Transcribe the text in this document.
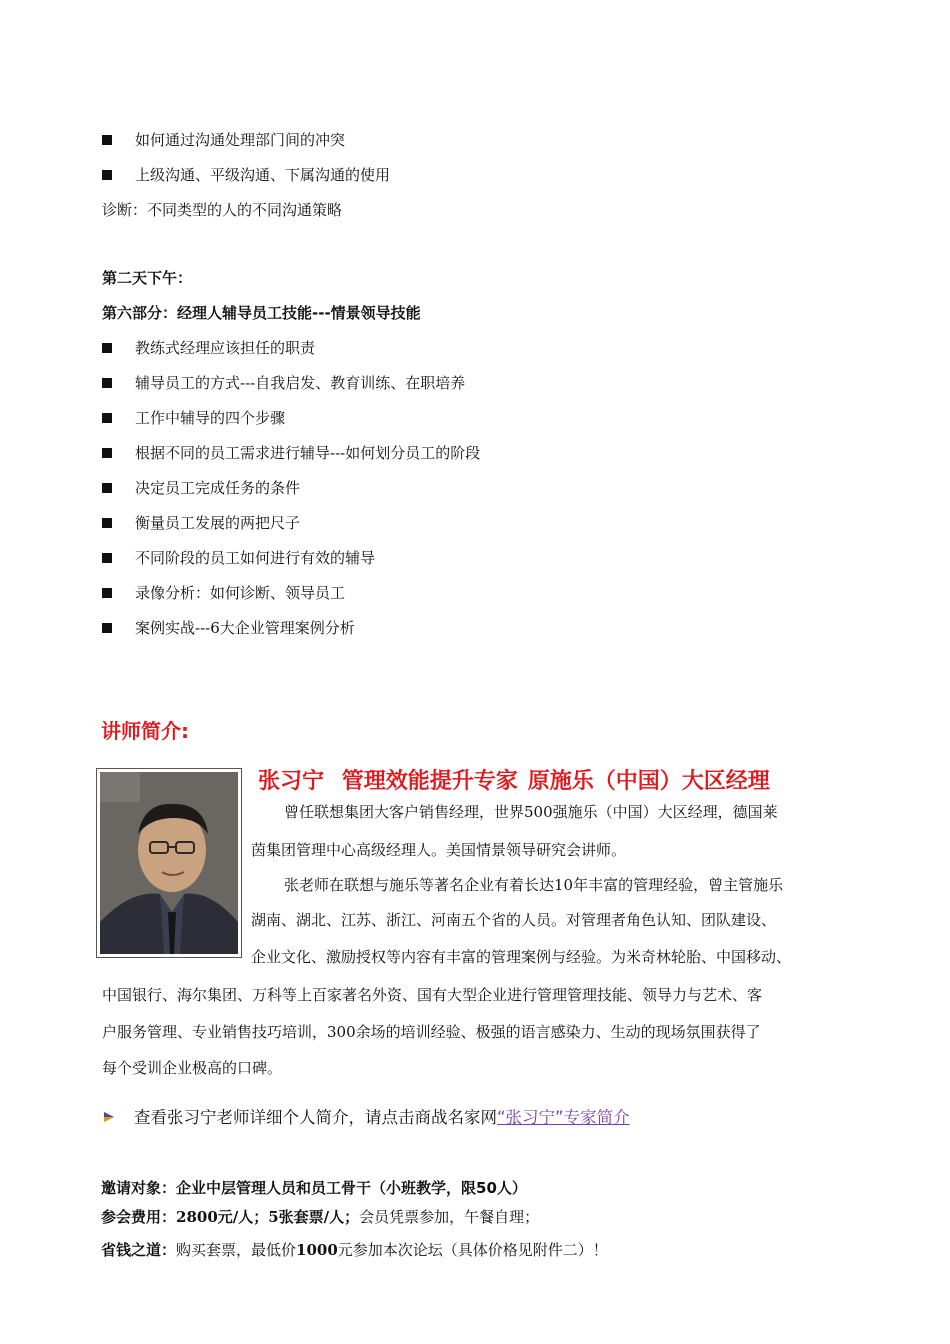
如何通过沟通处理部门间的冲突
上级沟通、平级沟通、下属沟通的使用
诊断：不同类型的人的不同沟通策略
第二天下午：
第六部分：经理人辅导员工技能---情景领导技能
教练式经理应该担任的职责
辅导员工的方式---自我启发、教育训练、在职培养
工作中辅导的四个步骤
根据不同的员工需求进行辅导---如何划分员工的阶段
决定员工完成任务的条件
衡量员工发展的两把尺子
不同阶段的员工如何进行有效的辅导
录像分析：如何诊断、领导员工
案例实战---6大企业管理案例分析
讲师简介:
张习宁 管理效能提升专家 原施乐（中国）大区经理
曾任联想集团大客户销售经理，世界500强施乐（中国）大区经理，德国莱
茵集团管理中心高级经理人。美国情景领导研究会讲师。
张老师在联想与施乐等著名企业有着长达10年丰富的管理经验，曾主管施乐
湖南、湖北、江苏、浙江、河南五个省的人员。对管理者角色认知、团队建设、
企业文化、激励授权等内容有丰富的管理案例与经验。为米奇林轮胎、中国移动、
中国银行、海尔集团、万科等上百家著名外资、国有大型企业进行管理管理技能、领导力与艺术、客
户服务管理、专业销售技巧培训，300余场的培训经验、极强的语言感染力、生动的现场氛围获得了
每个受训企业极高的口碑。
查看张习宁老师详细个人简介，请点击商战名家网“张习宁”专家简介
邀请对象：企业中层管理人员和员工骨干（小班教学，限50人）
参会费用：2800元/人；5张套票/人；会员凭票参加，午餐自理；
省钱之道：购买套票，最低价1000元参加本次论坛（具体价格见附件二）！
